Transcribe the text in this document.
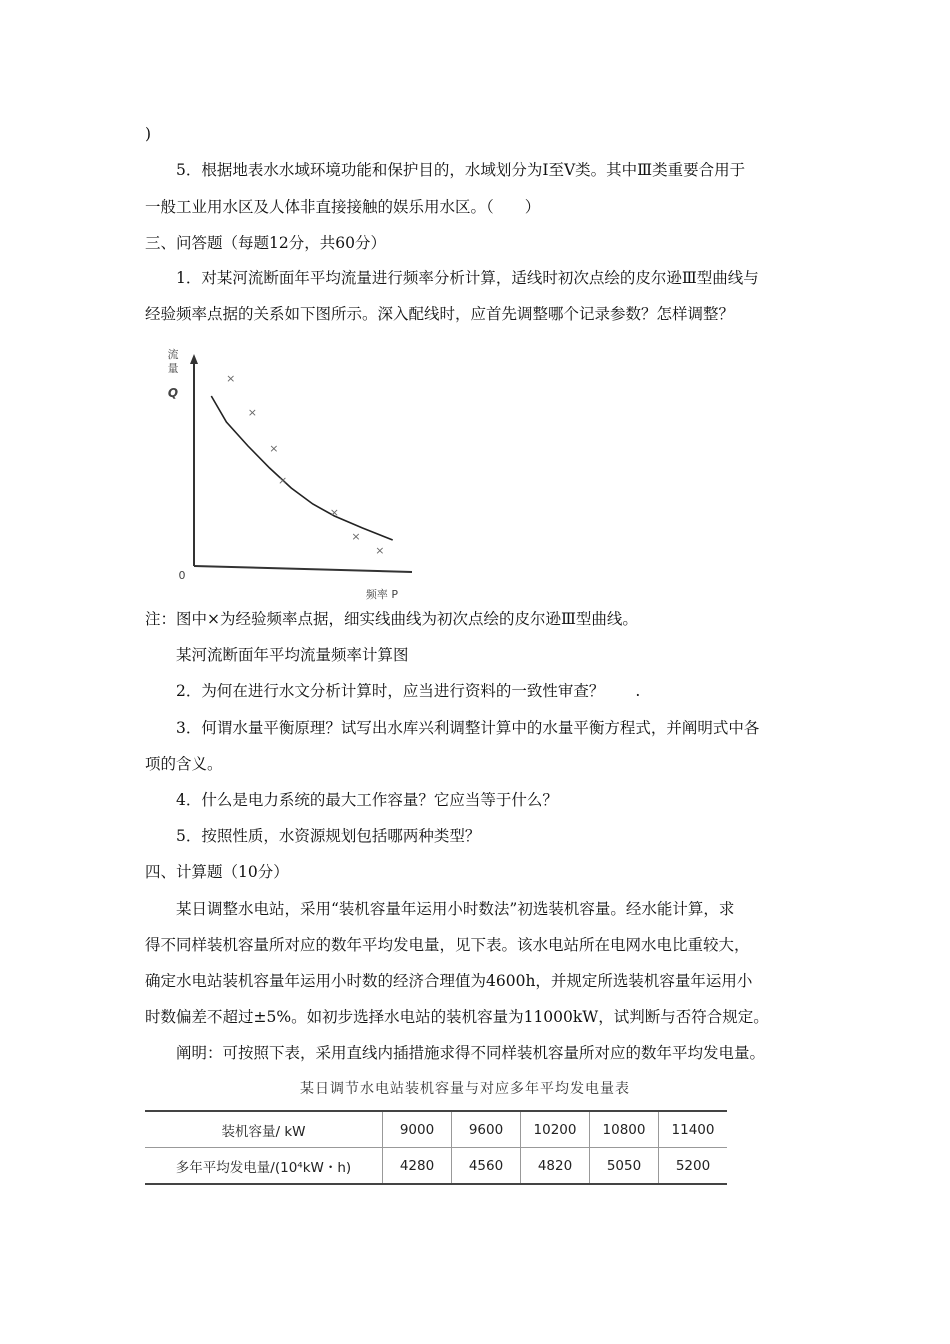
)
5．根据地表水水域环境功能和保护目的，水域划分为Ⅰ至Ⅴ类。其中Ⅲ类重要合用于
一般工业用水区及人体非直接接触的娱乐用水区。（　　）
三、问答题（每题12分，共60分）
1．对某河流断面年平均流量进行频率分析计算，适线时初次点绘的皮尔逊Ⅲ型曲线与
经验频率点据的关系如下图所示。深入配线时，应首先调整哪个记录参数？怎样调整？
流
量
Q
0
频率 P
×
×
×
×
×
×
×
注：图中×为经验频率点据，细实线曲线为初次点绘的皮尔逊Ⅲ型曲线。
某河流断面年平均流量频率计算图
2．为何在进行水文分析计算时，应当进行资料的一致性审查？　　.
3．何谓水量平衡原理？试写出水库兴利调整计算中的水量平衡方程式，并阐明式中各
项的含义。
4．什么是电力系统的最大工作容量？它应当等于什么？
5．按照性质，水资源规划包括哪两种类型？
四、计算题（10分）
某日调整水电站，采用“装机容量年运用小时数法”初选装机容量。经水能计算，求
得不同样装机容量所对应的数年平均发电量，见下表。该水电站所在电网水电比重较大，
确定水电站装机容量年运用小时数的经济合理值为4600h，并规定所选装机容量年运用小
时数偏差不超过±5%。如初步选择水电站的装机容量为11000kW，试判断与否符合规定。
阐明：可按照下表，采用直线内插措施求得不同样装机容量所对应的数年平均发电量。
某日调节水电站装机容量与对应多年平均发电量表
装机容量/ kW	9000	9600	10200	10800	11400
多年平均发电量/(10⁴kW・h)	4280	4560	4820	5050	5200
